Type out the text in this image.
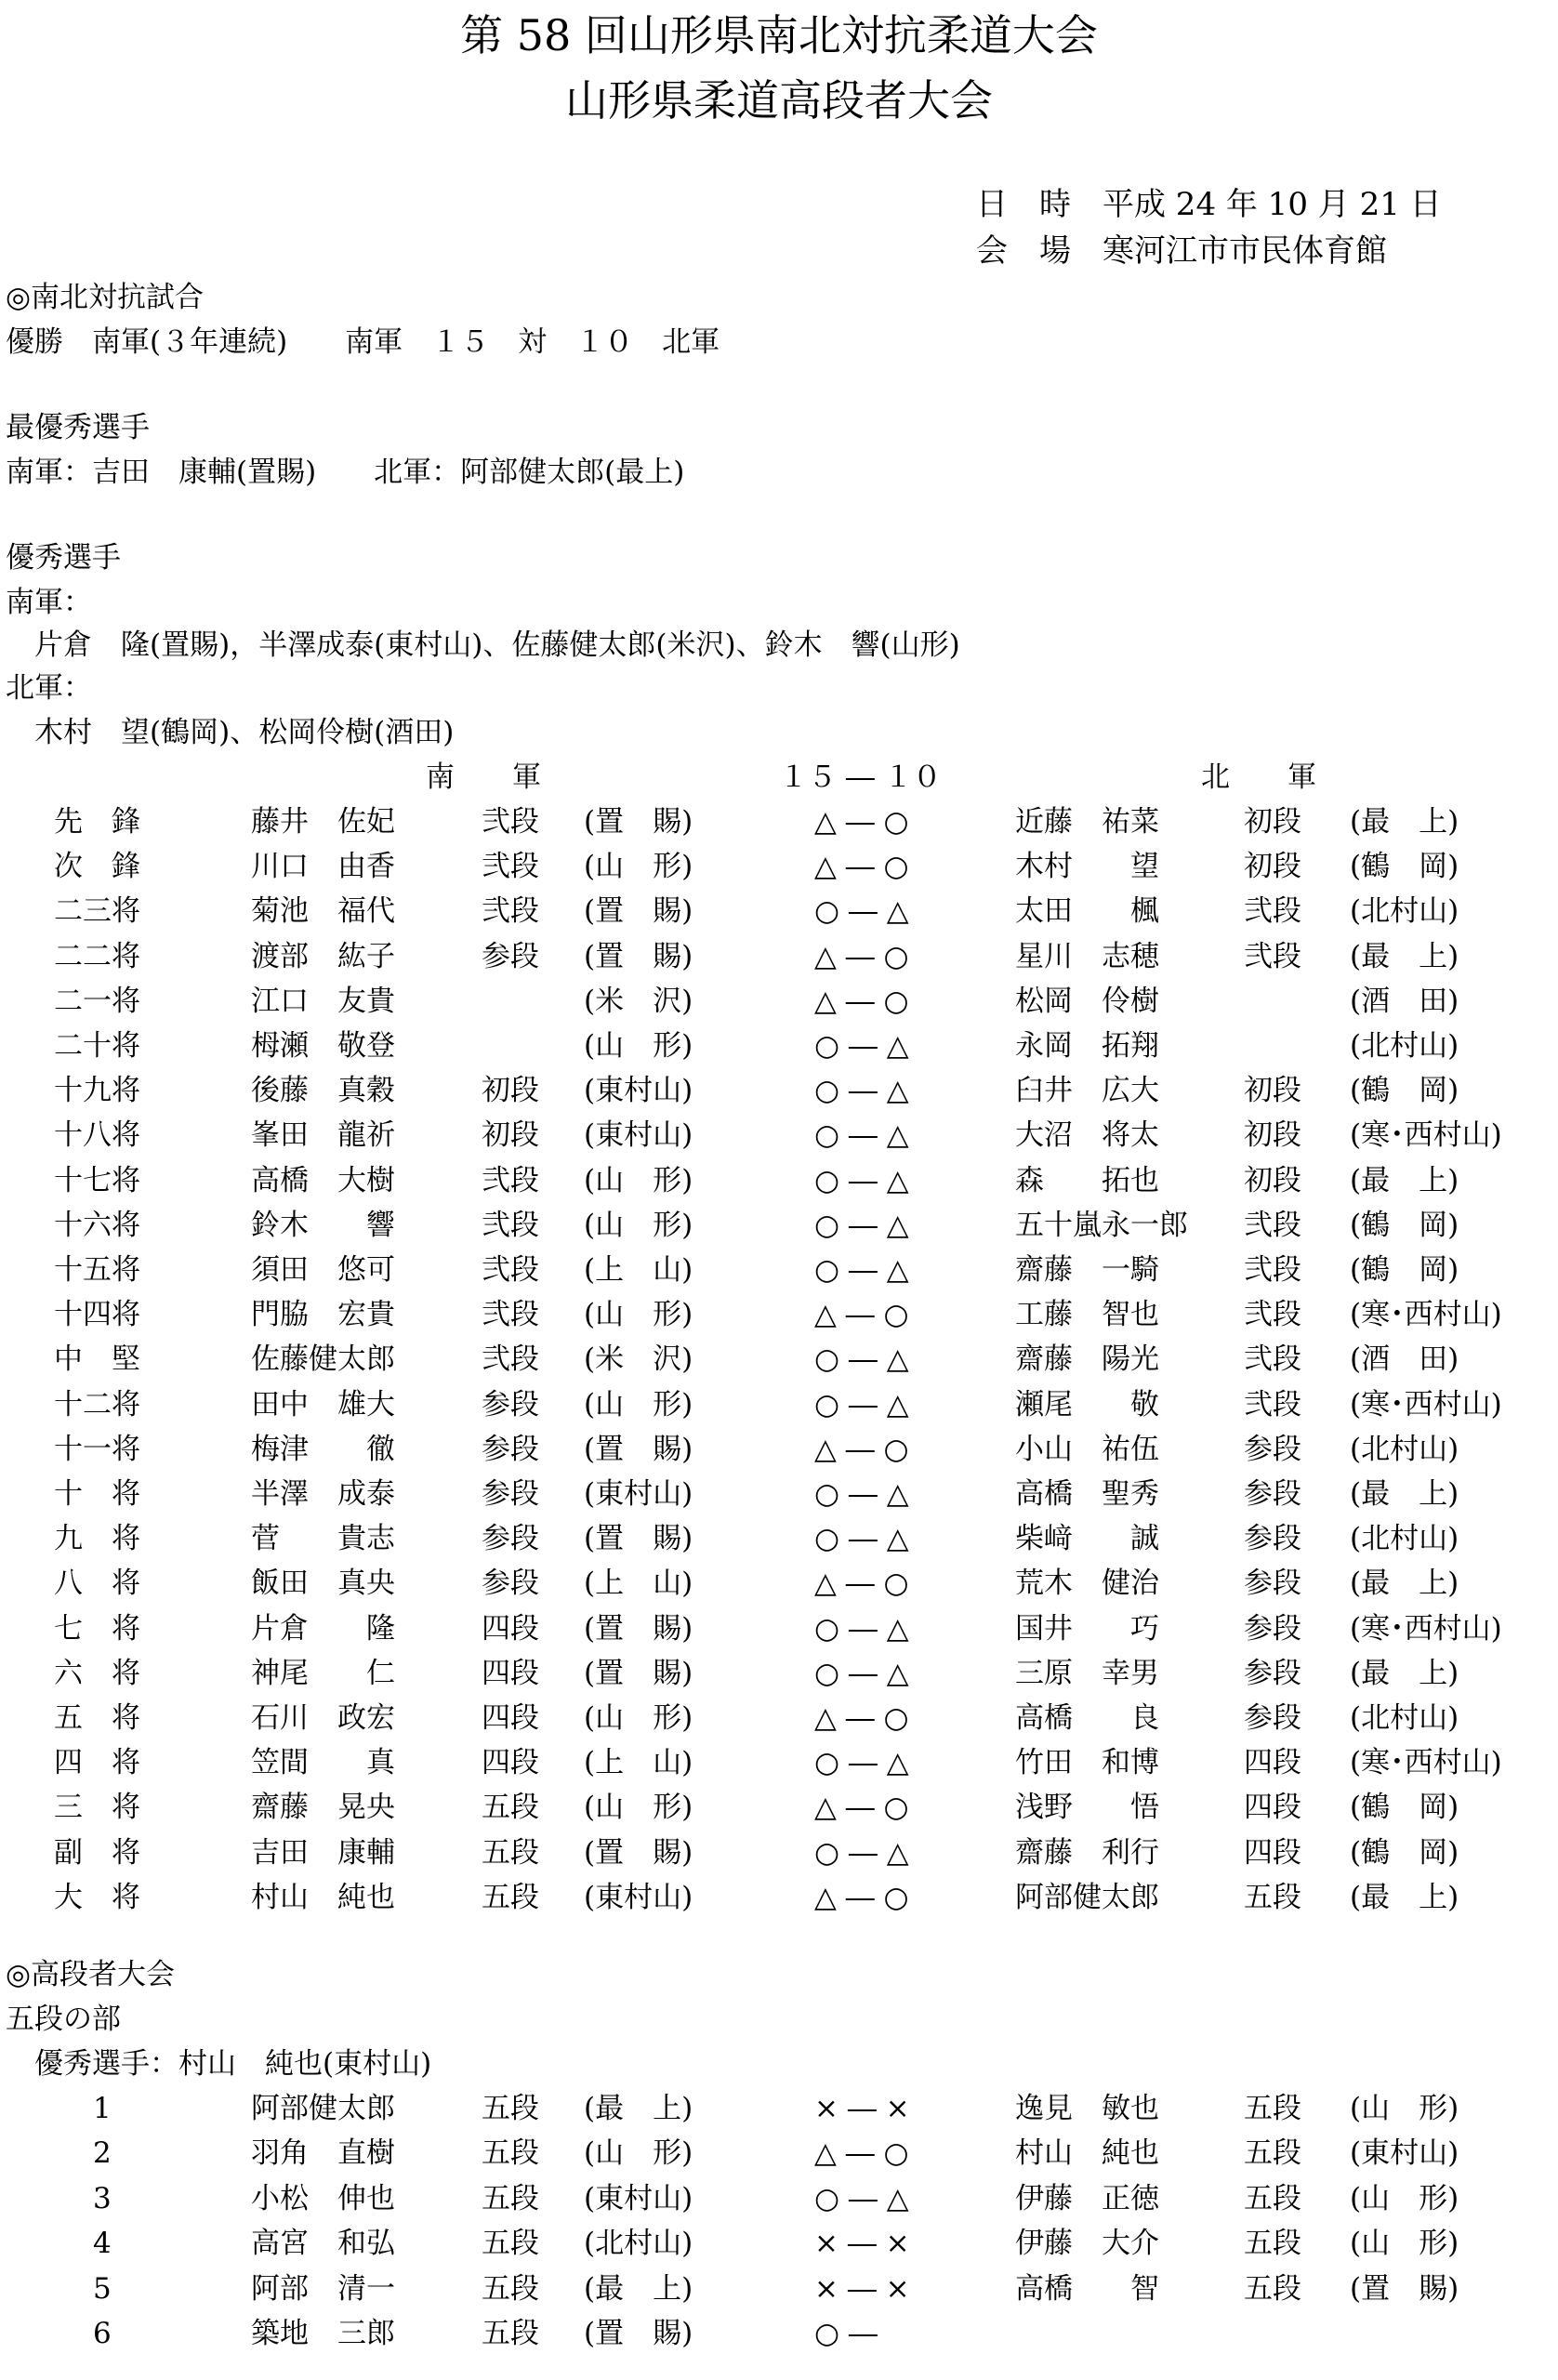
第 58 回山形県南北対抗柔道大会
山形県柔道高段者大会
日　時　平成 24 年 10 月 21 日
会　場　寒河江市市民体育館
◎南北対抗試合
優勝　南軍(３年連続)　　南軍　１５　対　１０　北軍
最優秀選手
南軍：吉田　康輔(置賜)　　北軍：阿部健太郎(最上)
優秀選手
南軍：
　片倉　隆(置賜)，半澤成泰(東村山)、佐藤健太郎(米沢)、鈴木　響(山形)
北軍：
　木村　望(鶴岡)、松岡伶樹(酒田)
南　　軍	１５ ― １０	北　　軍
先　鋒	藤井　佐妃	弐段 (置　賜)	△ ― ○	近藤　祐菜	初段 (最　上)
次　鋒	川口　由香	弐段 (山　形)	△ ― ○	木村　　望	初段 (鶴　岡)
二三将	菊池　福代	弐段 (置　賜)	○ ― △	太田　　楓	弐段 (北村山)
二二将	渡部　紘子	参段 (置　賜)	△ ― ○	星川　志穂	弐段 (最　上)
二一将	江口　友貴	(米　沢)	△ ― ○	松岡　伶樹	(酒　田)
二十将	栂瀬　敬登	(山　形)	○ ― △	永岡　拓翔	(北村山)
十九将	後藤　真穀	初段 (東村山)	○ ― △	臼井　広大	初段 (鶴　岡)
十八将	峯田　龍祈	初段 (東村山)	○ ― △	大沼　将太	初段 (寒･西村山)
十七将	高橋　大樹	弐段 (山　形)	○ ― △	森　　拓也	初段 (最　上)
十六将	鈴木　　響	弐段 (山　形)	○ ― △	五十嵐永一郎 弐段 (鶴　岡)
十五将	須田　悠可	弐段 (上　山)	○ ― △	齋藤　一騎	弐段 (鶴　岡)
十四将	門脇　宏貴	弐段 (山　形)	△ ― ○	工藤　智也	弐段 (寒･西村山)
中　堅	佐藤健太郎	弐段 (米　沢)	○ ― △	齋藤　陽光	弐段 (酒　田)
十二将	田中　雄大	参段 (山　形)	○ ― △	瀬尾　　敬	弐段 (寒･西村山)
十一将	梅津　　徹	参段 (置　賜)	△ ― ○	小山　祐伍	参段 (北村山)
十　将	半澤　成泰	参段 (東村山)	○ ― △	高橋　聖秀	参段 (最　上)
九　将	菅　　貴志	参段 (置　賜)	○ ― △	柴﨑　　誠	参段 (北村山)
八　将	飯田　真央	参段 (上　山)	△ ― ○	荒木　健治	参段 (最　上)
七　将	片倉　　隆	四段 (置　賜)	○ ― △	国井　　巧	参段 (寒･西村山)
六　将	神尾　　仁	四段 (置　賜)	○ ― △	三原　幸男	参段 (最　上)
五　将	石川　政宏	四段 (山　形)	△ ― ○	高橋　　良	参段 (北村山)
四　将	笠間　　真	四段 (上　山)	○ ― △	竹田　和博	四段 (寒･西村山)
三　将	齋藤　晃央	五段 (山　形)	△ ― ○	浅野　　悟	四段 (鶴　岡)
副　将	吉田　康輔	五段 (置　賜)	○ ― △	齋藤　利行	四段 (鶴　岡)
大　将	村山　純也	五段 (東村山)	△ ― ○	阿部健太郎	五段 (最　上)
◎高段者大会
五段の部
　優秀選手：村山　純也(東村山)
1	阿部健太郎	五段 (最　上)	× ― ×	逸見　敏也	五段 (山　形)
2	羽角　直樹	五段 (山　形)	△ ― ○	村山　純也	五段 (東村山)
3	小松　伸也	五段 (東村山)	○ ― △	伊藤　正徳	五段 (山　形)
4	高宮　和弘	五段 (北村山)	× ― ×	伊藤　大介	五段 (山　形)
5	阿部　清一	五段 (最　上)	× ― ×	高橋　　智	五段 (置　賜)
6	築地　三郎	五段 (置　賜)	○ ―
